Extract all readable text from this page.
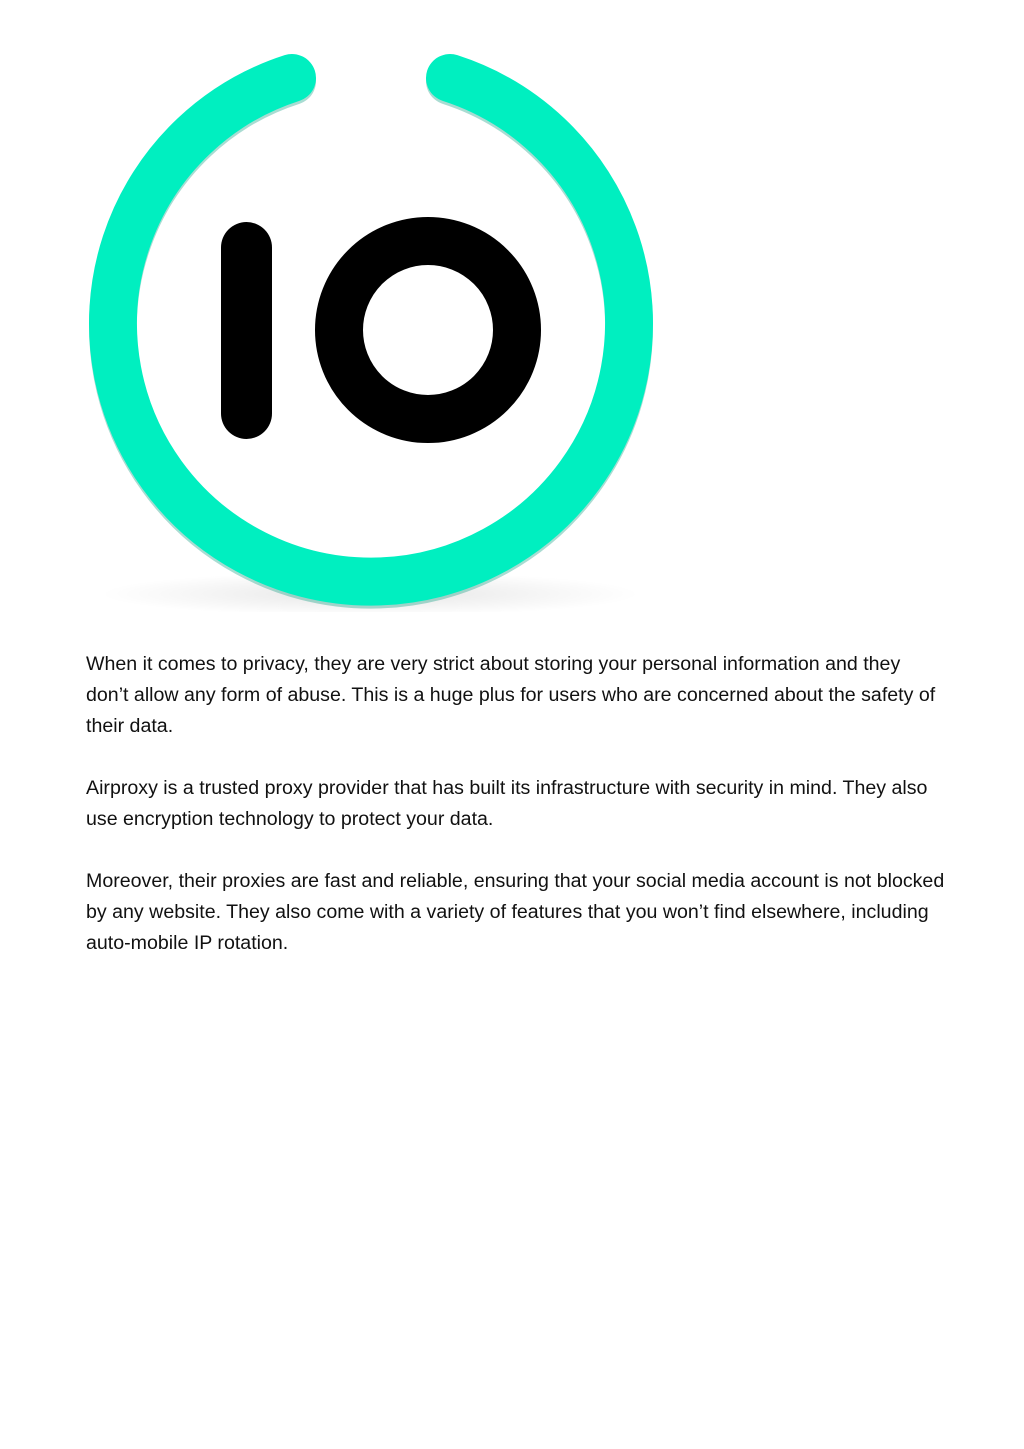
When it comes to privacy, they are very strict about storing your personal information and they don’t allow any form of abuse. This is a huge plus for users who are concerned about the safety of their data.

Airproxy is a trusted proxy provider that has built its infrastructure with security in mind. They also use encryption technology to protect your data.

Moreover, their proxies are fast and reliable, ensuring that your social media account is not blocked by any website. They also come with a variety of features that you won’t find elsewhere, including auto-mobile IP rotation.
